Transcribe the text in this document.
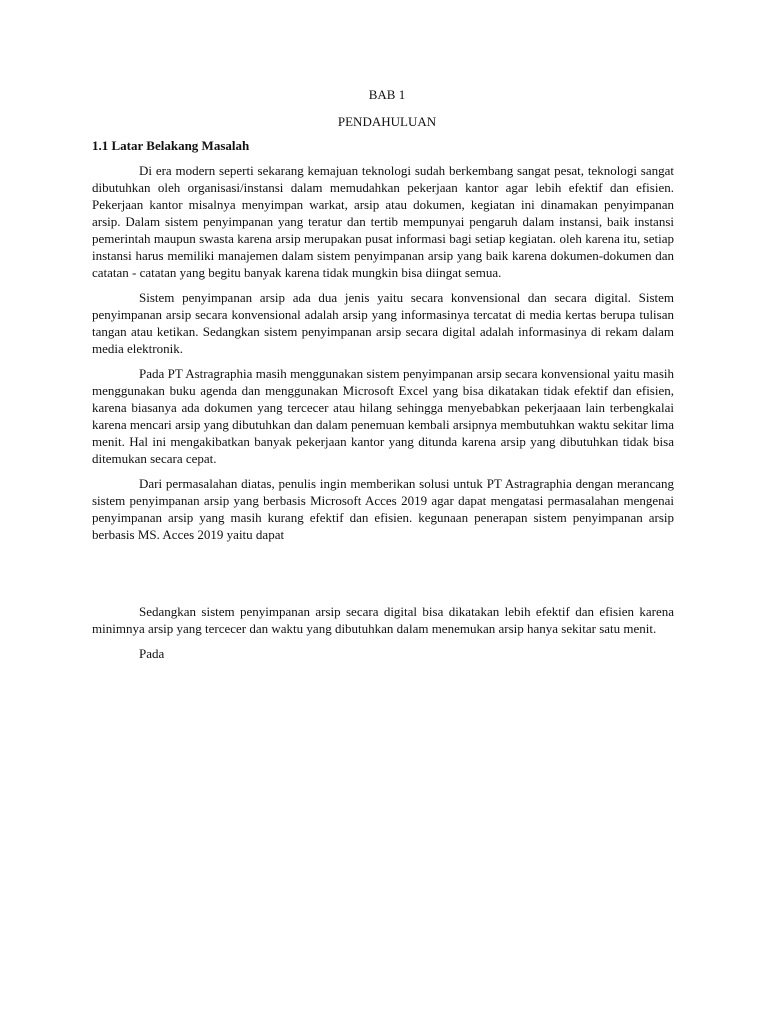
BAB 1

PENDAHULUAN

1.1 Latar Belakang Masalah

Di era modern seperti sekarang kemajuan teknologi sudah berkembang sangat pesat, teknologi sangat dibutuhkan oleh organisasi/instansi dalam memudahkan pekerjaan kantor agar lebih efektif dan efisien. Pekerjaan kantor misalnya menyimpan warkat, arsip atau dokumen, kegiatan ini dinamakan penyimpanan arsip. Dalam sistem penyimpanan yang teratur dan tertib mempunyai pengaruh dalam instansi, baik instansi pemerintah maupun swasta karena arsip merupakan pusat informasi bagi setiap kegiatan. oleh karena itu, setiap instansi harus memiliki manajemen dalam sistem penyimpanan arsip yang baik karena dokumen-dokumen dan catatan - catatan yang begitu banyak karena tidak mungkin bisa diingat semua.

Sistem penyimpanan arsip ada dua jenis yaitu secara konvensional dan secara digital. Sistem penyimpanan arsip secara konvensional adalah arsip yang informasinya tercatat di media kertas berupa tulisan tangan atau ketikan. Sedangkan sistem penyimpanan arsip secara digital adalah informasinya di rekam dalam media elektronik.

Pada PT Astragraphia masih menggunakan sistem penyimpanan arsip secara konvensional yaitu masih menggunakan buku agenda dan menggunakan Microsoft Excel yang bisa dikatakan tidak efektif dan efisien, karena biasanya ada dokumen yang tercecer atau hilang sehingga menyebabkan pekerjaaan lain terbengkalai karena mencari arsip yang dibutuhkan dan dalam penemuan kembali arsipnya membutuhkan waktu sekitar lima menit. Hal ini mengakibatkan banyak pekerjaan kantor yang ditunda karena arsip yang dibutuhkan tidak bisa ditemukan secara cepat.

Dari permasalahan diatas, penulis ingin memberikan solusi untuk PT Astragraphia dengan merancang sistem penyimpanan arsip yang berbasis Microsoft Acces 2019 agar dapat mengatasi permasalahan mengenai penyimpanan arsip yang masih kurang efektif dan efisien. kegunaan penerapan sistem penyimpanan arsip berbasis MS. Acces 2019 yaitu dapat

Sedangkan sistem penyimpanan arsip secara digital bisa dikatakan lebih efektif dan efisien karena minimnya arsip yang tercecer dan waktu yang dibutuhkan dalam menemukan arsip hanya sekitar satu menit.

Pada
